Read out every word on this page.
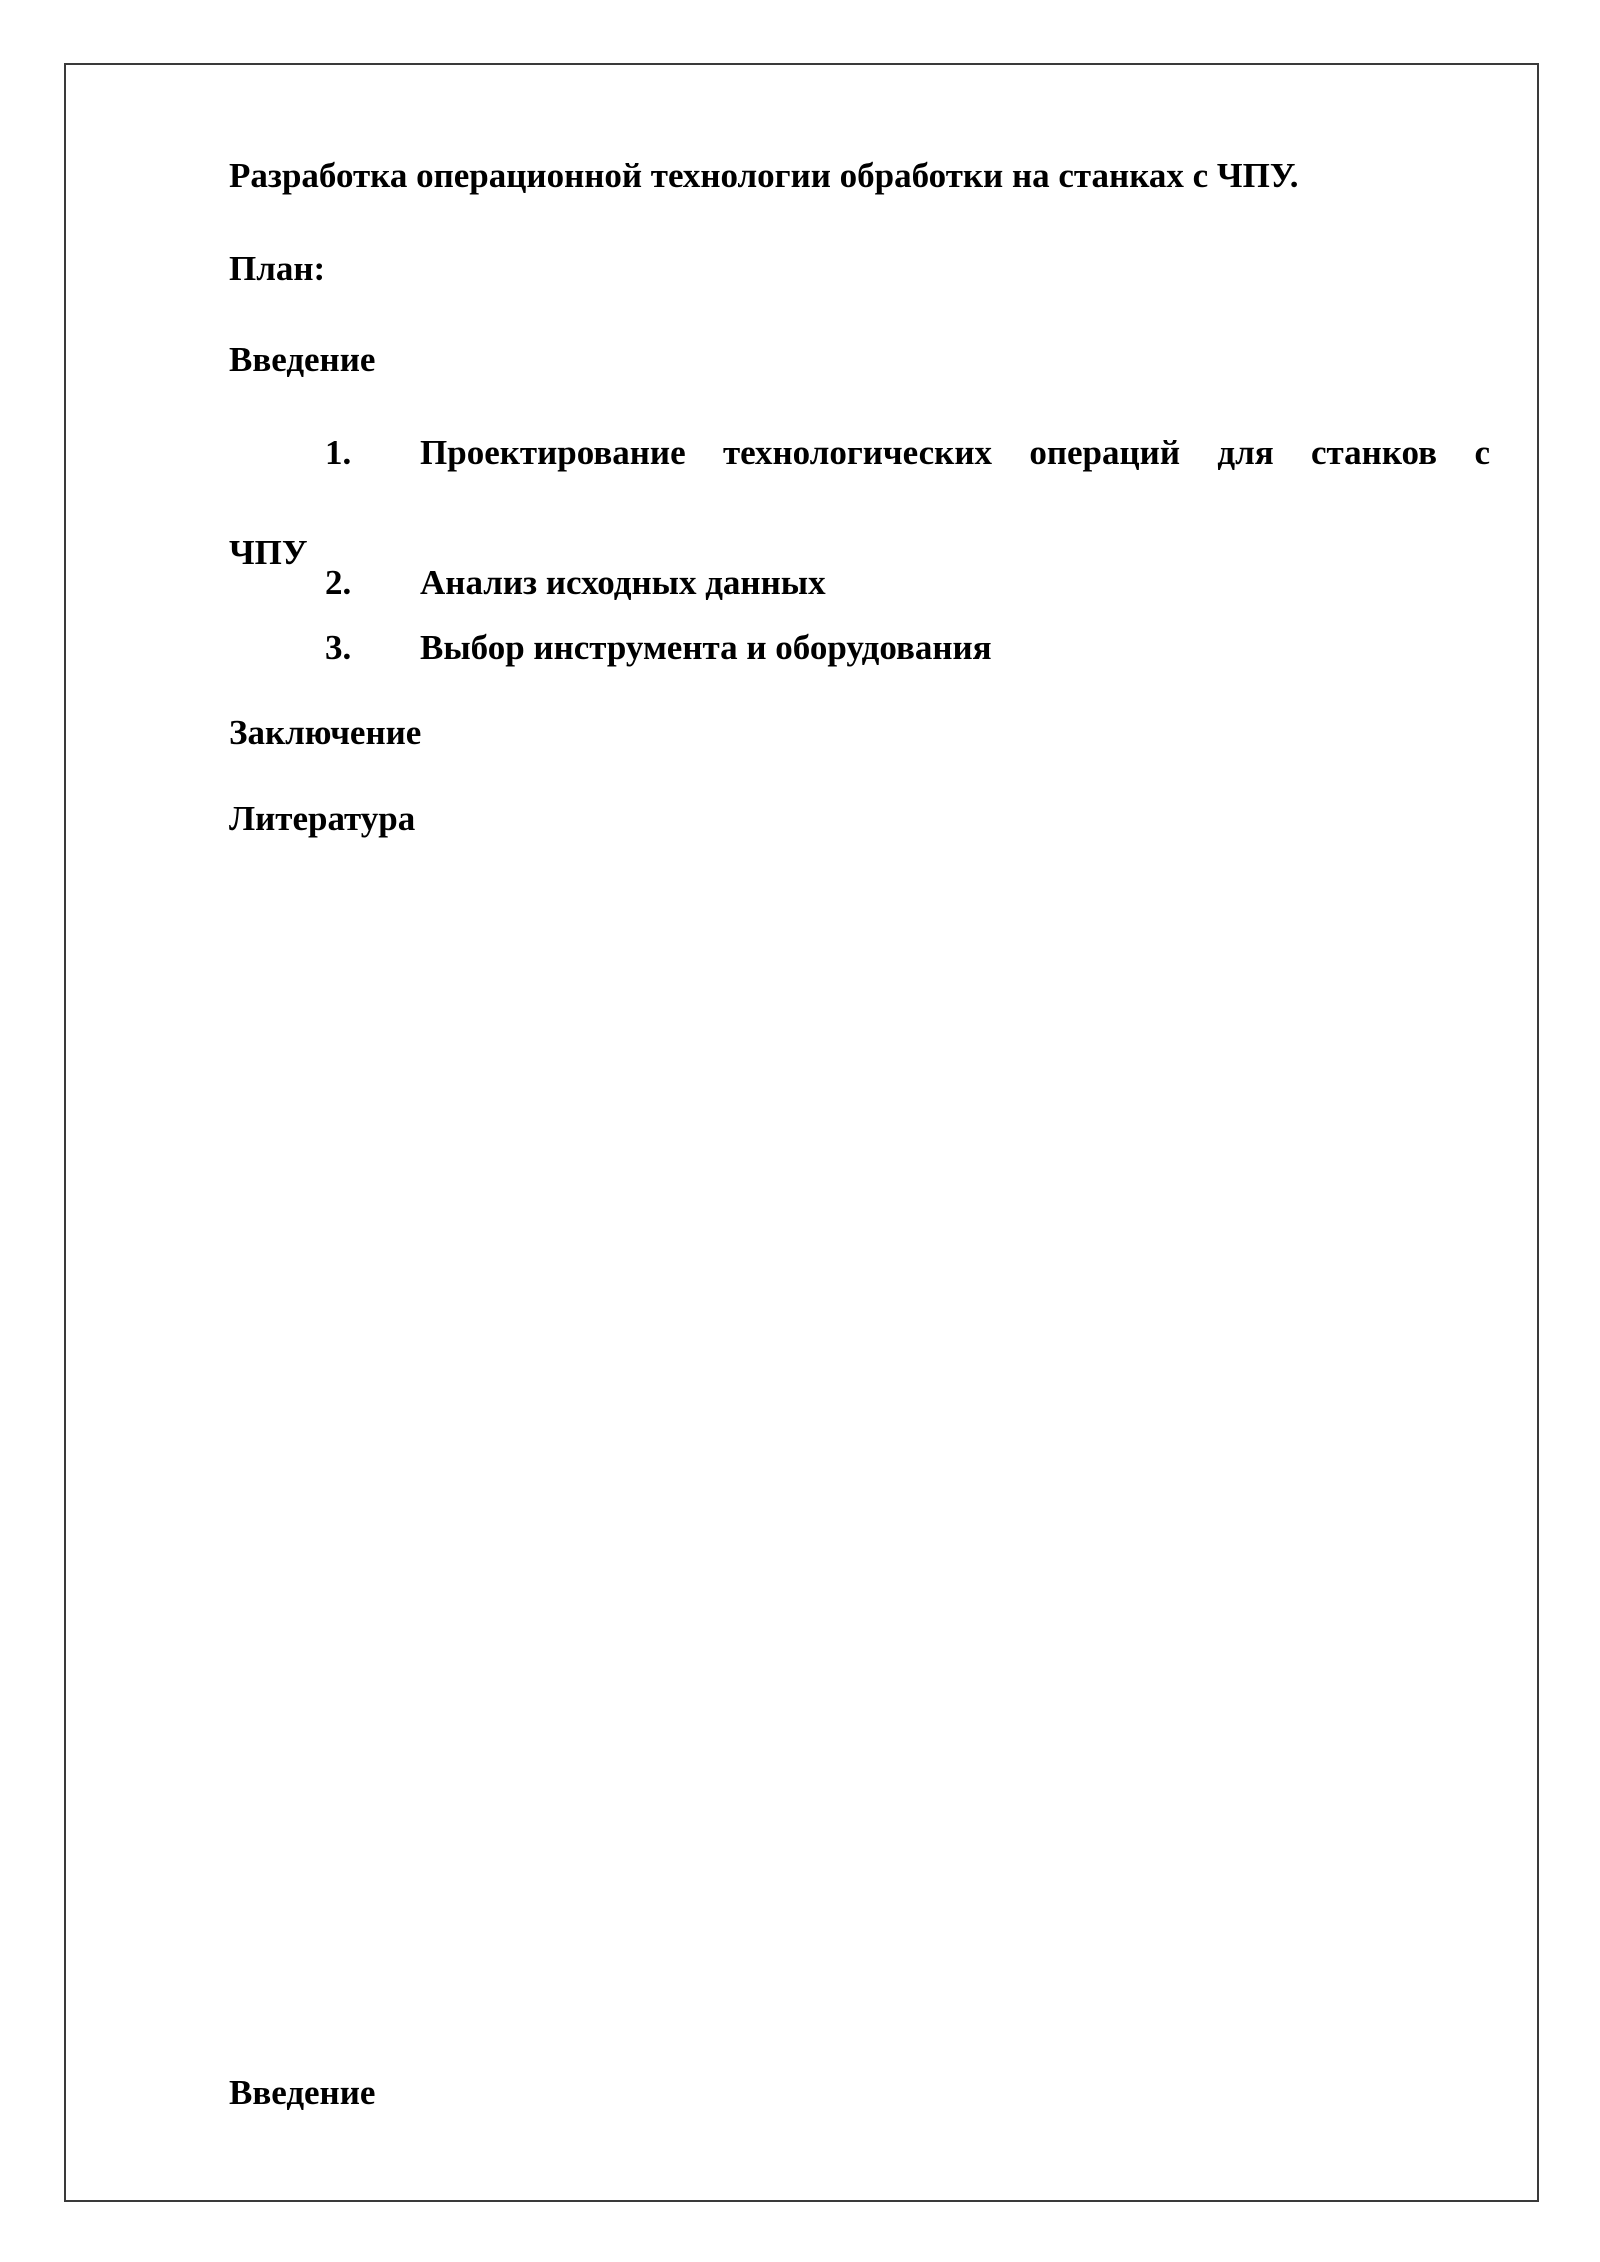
Разработка операционной технологии обработки на станках с ЧПУ.

План:

Введение

1. Проектирование технологических операций для станков с

ЧПУ

2. Анализ исходных данных
3. Выбор инструмента и оборудования

Заключение

Литература

Введение
